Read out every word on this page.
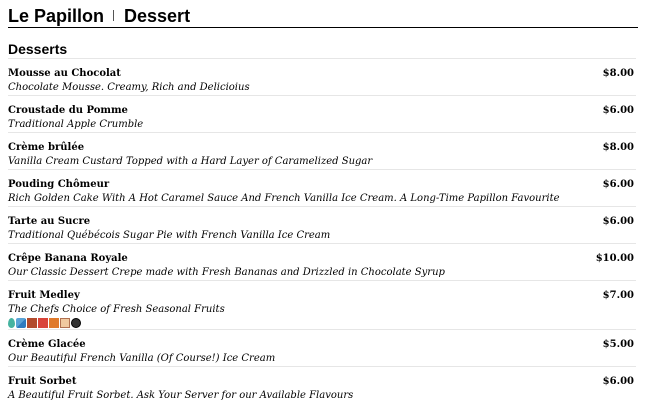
Le Papillon Dessert
Desserts
Mousse au Chocolat
Chocolate Mousse. Creamy, Rich and Delicioius
$8.00
Croustade du Pomme
Traditional Apple Crumble
$6.00
Crème brûlée
Vanilla Cream Custard Topped with a Hard Layer of Caramelized Sugar
$8.00
Pouding Chômeur
Rich Golden Cake With A Hot Caramel Sauce And French Vanilla Ice Cream. A Long-Time Papillon Favourite
$6.00
Tarte au Sucre
Traditional Québécois Sugar Pie with French Vanilla Ice Cream
$6.00
Crêpe Banana Royale
Our Classic Dessert Crepe made with Fresh Bananas and Drizzled in Chocolate Syrup
$10.00
Fruit Medley
The Chefs Choice of Fresh Seasonal Fruits
$7.00
Crème Glacée
Our Beautiful French Vanilla (Of Course!) Ice Cream
$5.00
Fruit Sorbet
A Beautiful Fruit Sorbet. Ask Your Server for our Available Flavours
$6.00
